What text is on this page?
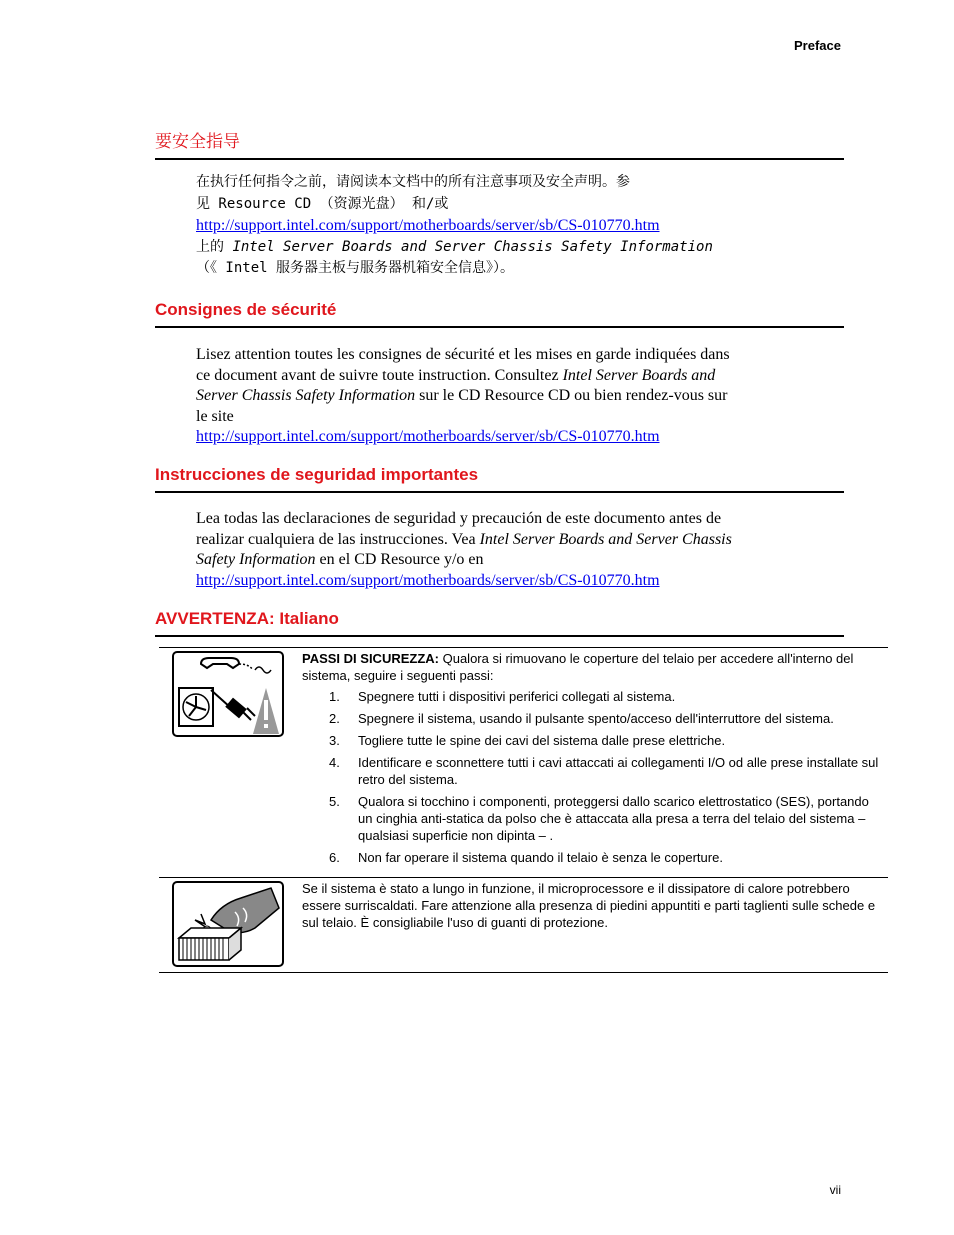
Preface
要安全指导
在执行任何指令之前，请阅读本文档中的所有注意事项及安全声明。参
见 Resource CD （资源光盘） 和/或
http://support.intel.com/support/motherboards/server/sb/CS-010770.htm
上的 Intel Server Boards and Server Chassis Safety Information
（《 Intel 服务器主板与服务器机箱安全信息》）。
Consignes de sécurité
Lisez attention toutes les consignes de sécurité et les mises en garde indiquées dans ce document avant de suivre toute instruction. Consultez Intel Server Boards and Server Chassis Safety Information sur le CD Resource CD ou bien rendez-vous sur le site
http://support.intel.com/support/motherboards/server/sb/CS-010770.htm
Instrucciones de seguridad importantes
Lea todas las declaraciones de seguridad y precaución de este documento antes de realizar cualquiera de las instrucciones. Vea Intel Server Boards and Server Chassis Safety Information en el CD Resource y/o en
http://support.intel.com/support/motherboards/server/sb/CS-010770.htm
AVVERTENZA: Italiano
PASSI DI SICUREZZA: Qualora si rimuovano le coperture del telaio per accedere all'interno del sistema, seguire i seguenti passi:
1.	Spegnere tutti i dispositivi periferici collegati al sistema.
2.	Spegnere il sistema, usando il pulsante spento/acceso dell'interruttore del sistema.
3.	Togliere tutte le spine dei cavi del sistema dalle prese elettriche.
4.	Identificare e sconnettere tutti i cavi attaccati ai collegamenti I/O od alle prese installate sul retro del sistema.
5.	Qualora si tocchino i componenti, proteggersi dallo scarico elettrostatico (SES), portando un cinghia anti-statica da polso che è attaccata alla presa a terra del telaio del sistema – qualsiasi superficie non dipinta – .
6.	Non far operare il sistema quando il telaio è senza le coperture.
Se il sistema è stato a lungo in funzione, il microprocessore e il dissipatore di calore potrebbero essere surriscaldati. Fare attenzione alla presenza di piedini appuntiti e parti taglienti sulle schede e sul telaio. È consigliabile l'uso di guanti di protezione.
vii
